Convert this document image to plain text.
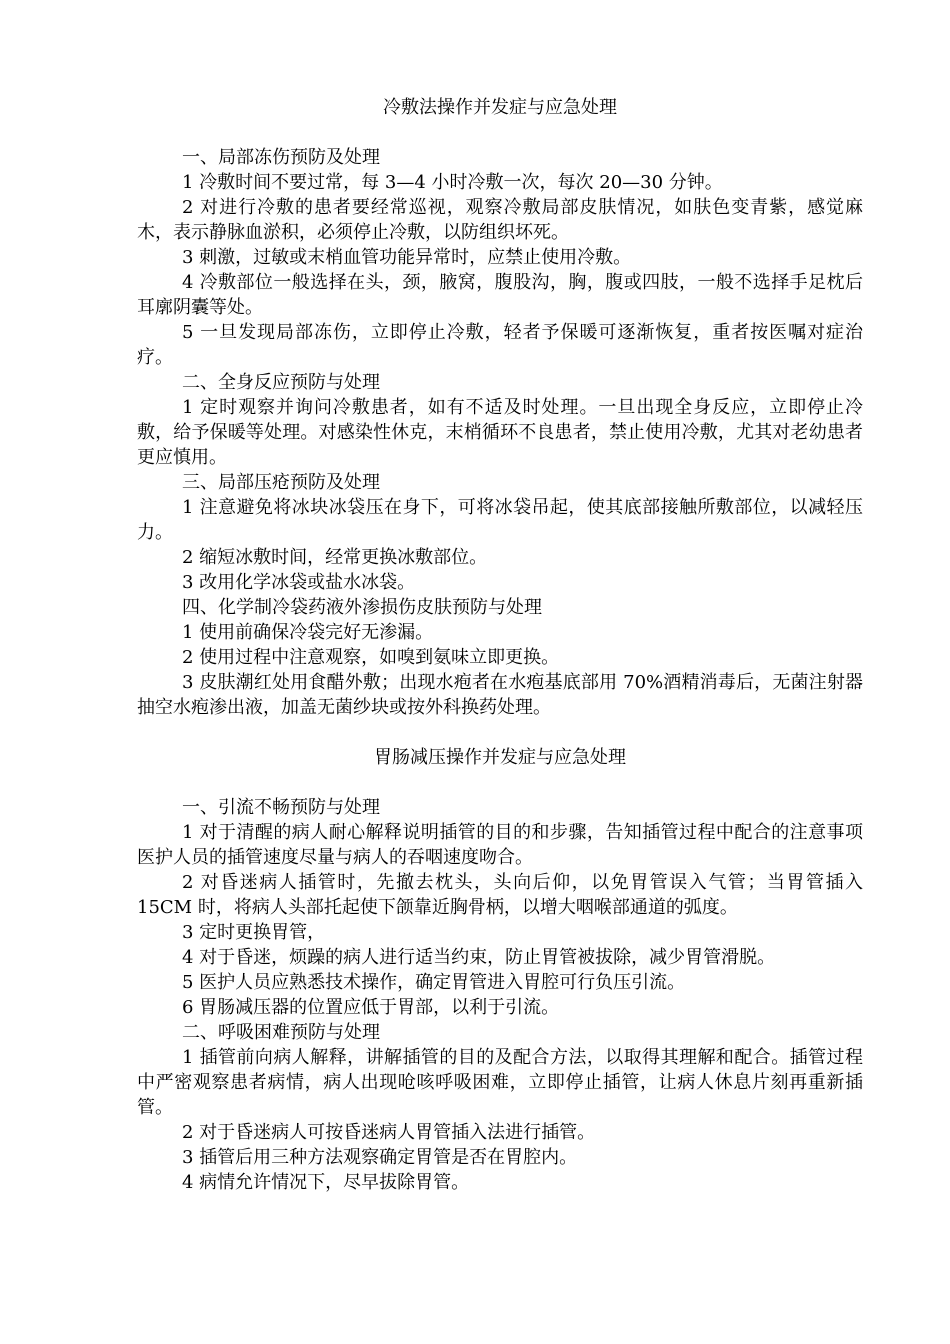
冷敷法操作并发症与应急处理

一、局部冻伤预防及处理

1 冷敷时间不要过常，每 3—4 小时冷敷一次，每次 20—30 分钟。

2 对进行冷敷的患者要经常巡视，观察冷敷局部皮肤情况，如肤色变青紫，感觉麻木，表示静脉血淤积，必须停止冷敷，以防组织坏死。

3 刺激，过敏或末梢血管功能异常时，应禁止使用冷敷。

4 冷敷部位一般选择在头，颈，腋窝，腹股沟，胸，腹或四肢，一般不选择手足枕后耳廓阴囊等处。

5 一旦发现局部冻伤，立即停止冷敷，轻者予保暖可逐渐恢复，重者按医嘱对症治疗。

二、全身反应预防与处理

1 定时观察并询问冷敷患者，如有不适及时处理。一旦出现全身反应，立即停止冷敷，给予保暖等处理。对感染性休克，末梢循环不良患者，禁止使用冷敷，尤其对老幼患者更应慎用。

三、局部压疮预防及处理

1 注意避免将冰块冰袋压在身下，可将冰袋吊起，使其底部接触所敷部位，以减轻压力。

2 缩短冰敷时间，经常更换冰敷部位。

3 改用化学冰袋或盐水冰袋。

四、化学制冷袋药液外渗损伤皮肤预防与处理

1 使用前确保冷袋完好无渗漏。

2 使用过程中注意观察，如嗅到氨味立即更换。

3 皮肤潮红处用食醋外敷；出现水疱者在水疱基底部用 70%酒精消毒后，无菌注射器抽空水疱渗出液，加盖无菌纱块或按外科换药处理。

胃肠减压操作并发症与应急处理

一、引流不畅预防与处理

1 对于清醒的病人耐心解释说明插管的目的和步骤，告知插管过程中配合的注意事项医护人员的插管速度尽量与病人的吞咽速度吻合。

2 对昏迷病人插管时，先撤去枕头，头向后仰，以免胃管误入气管；当胃管插入 15CM 时，将病人头部托起使下颌靠近胸骨柄，以增大咽喉部通道的弧度。

3 定时更换胃管，

4 对于昏迷，烦躁的病人进行适当约束，防止胃管被拔除，减少胃管滑脱。

5 医护人员应熟悉技术操作，确定胃管进入胃腔可行负压引流。

6 胃肠减压器的位置应低于胃部，以利于引流。

二、呼吸困难预防与处理

1 插管前向病人解释，讲解插管的目的及配合方法，以取得其理解和配合。插管过程中严密观察患者病情，病人出现呛咳呼吸困难，立即停止插管，让病人休息片刻再重新插管。

2 对于昏迷病人可按昏迷病人胃管插入法进行插管。

3 插管后用三种方法观察确定胃管是否在胃腔内。

4 病情允许情况下，尽早拔除胃管。
